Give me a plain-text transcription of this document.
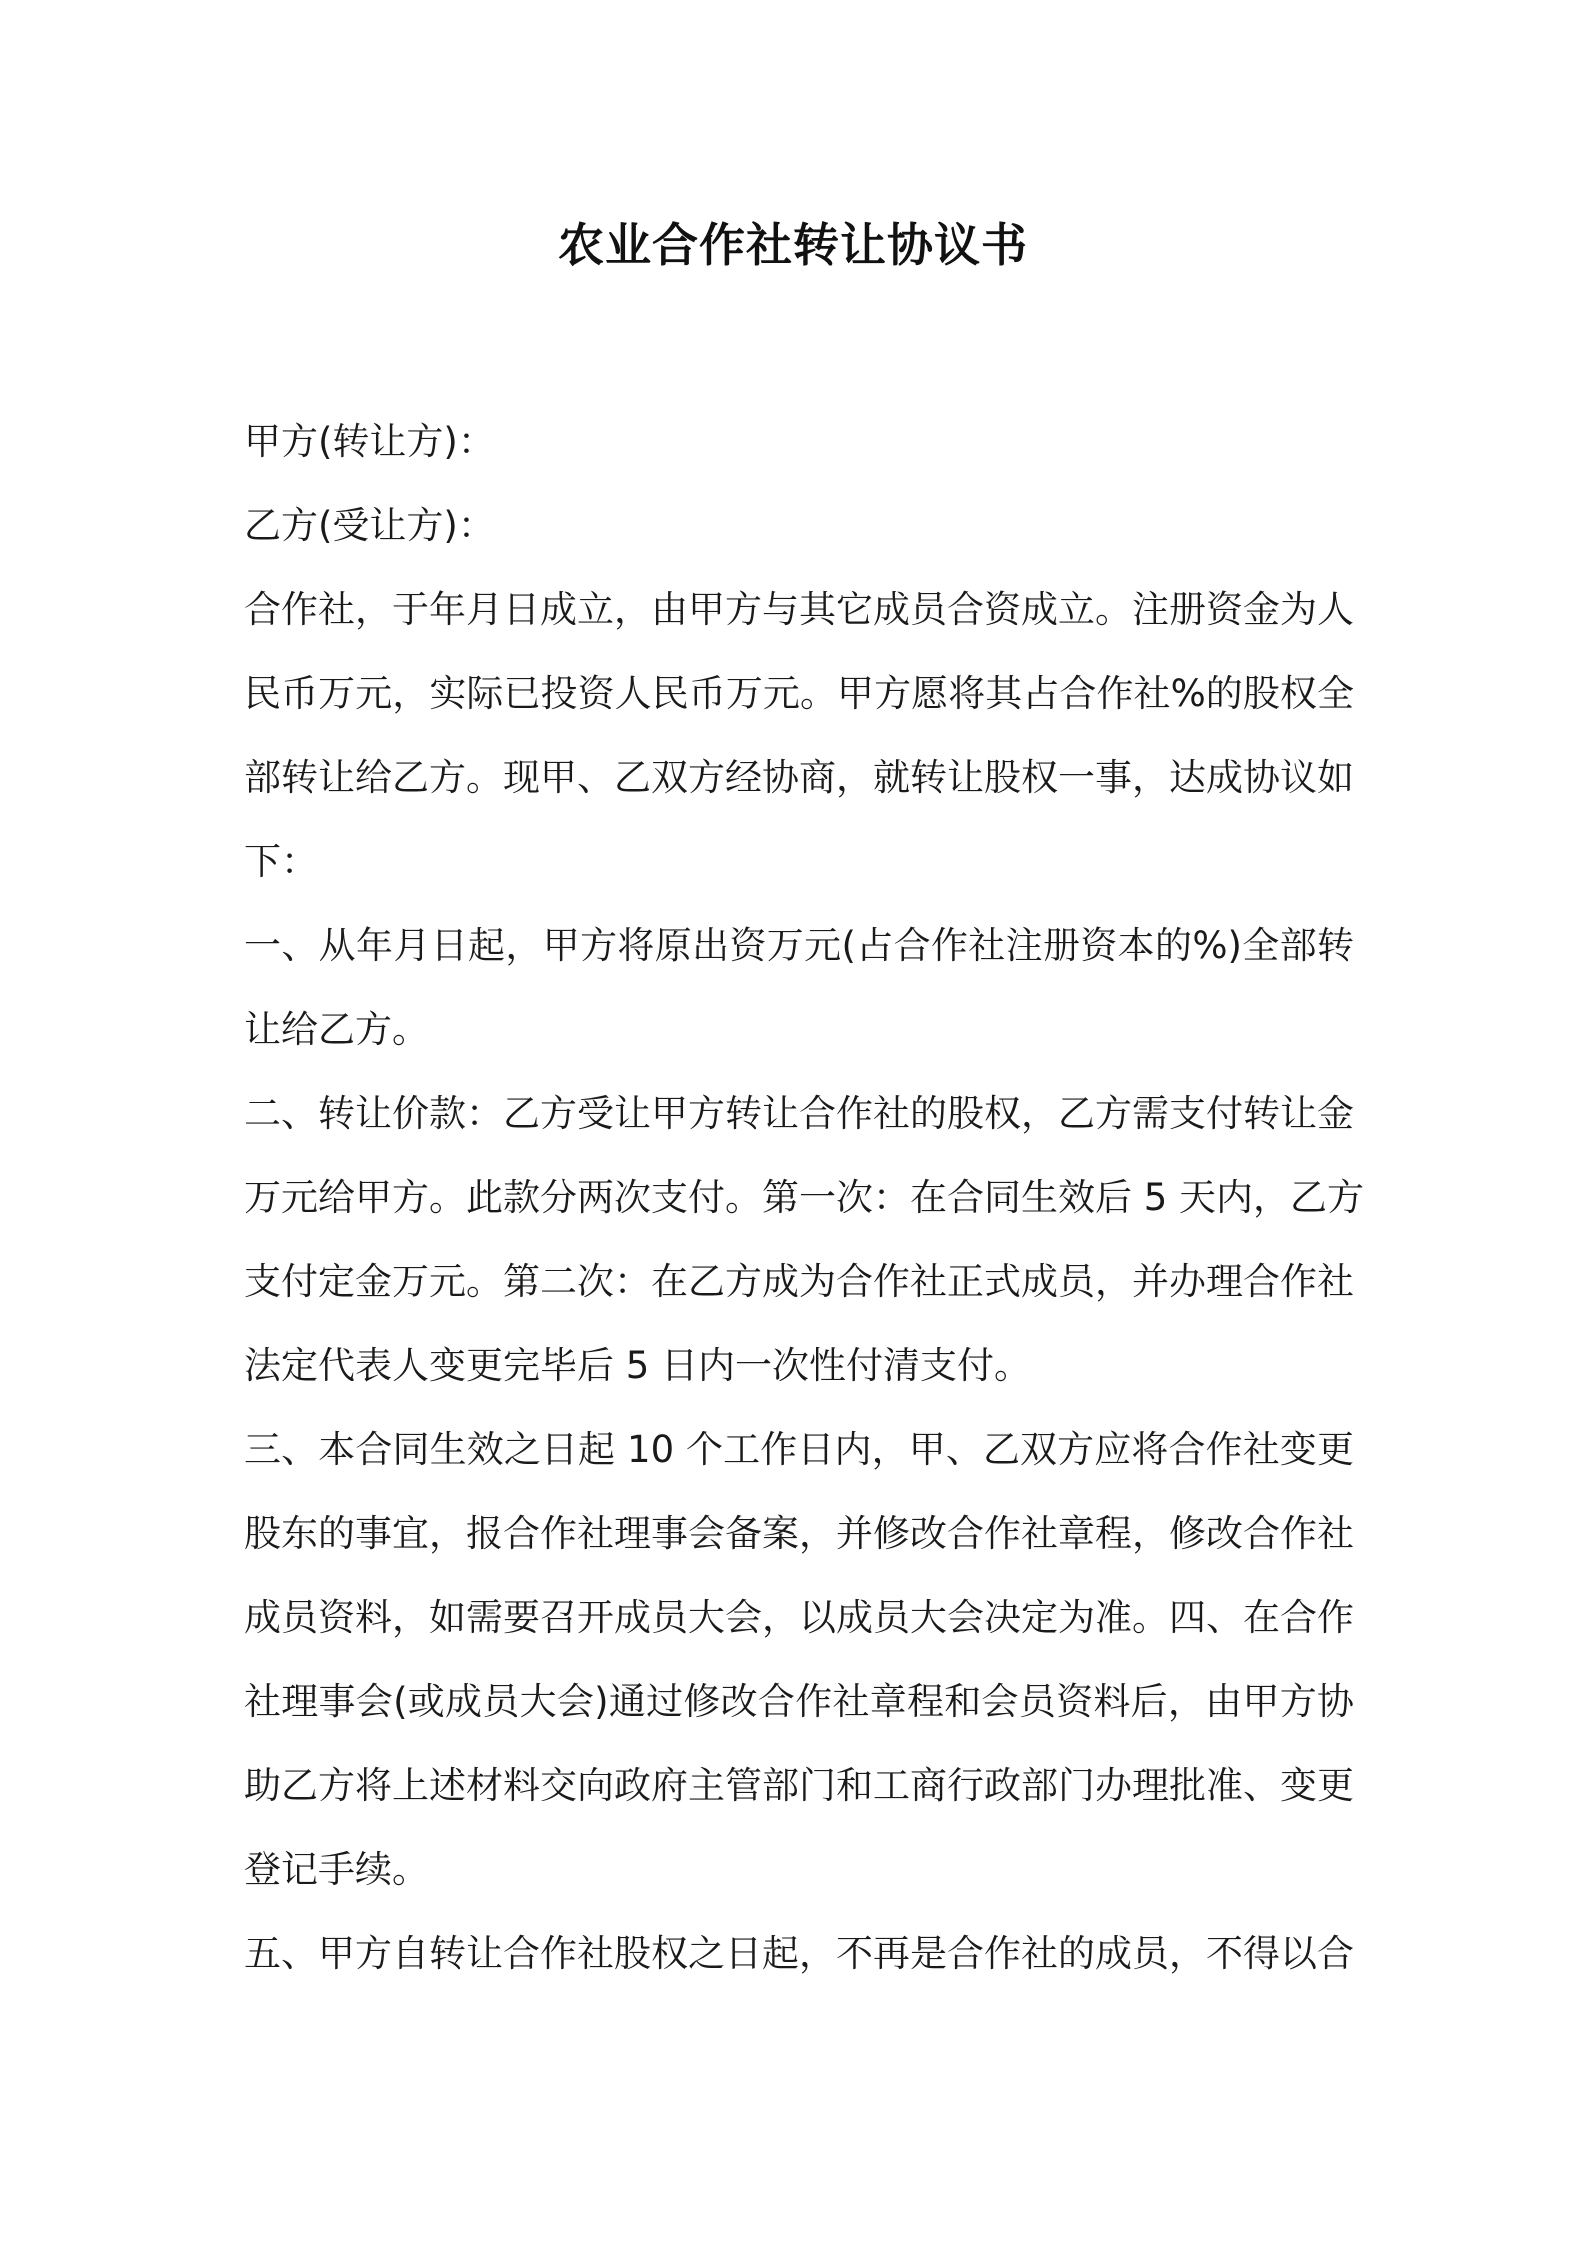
农业合作社转让协议书
甲方(转让方)：
乙方(受让方)：
合作社，于年月日成立，由甲方与其它成员合资成立。注册资金为人
民币万元，实际已投资人民币万元。甲方愿将其占合作社%的股权全
部转让给乙方。现甲、乙双方经协商，就转让股权一事，达成协议如
下：
一、从年月日起，甲方将原出资万元(占合作社注册资本的%)全部转
让给乙方。
二、转让价款：乙方受让甲方转让合作社的股权，乙方需支付转让金
万元给甲方。此款分两次支付。第一次：在合同生效后 5 天内，乙方
支付定金万元。第二次：在乙方成为合作社正式成员，并办理合作社
法定代表人变更完毕后 5 日内一次性付清支付。
三、本合同生效之日起 10 个工作日内，甲、乙双方应将合作社变更
股东的事宜，报合作社理事会备案，并修改合作社章程，修改合作社
成员资料，如需要召开成员大会，以成员大会决定为准。四、在合作
社理事会(或成员大会)通过修改合作社章程和会员资料后，由甲方协
助乙方将上述材料交向政府主管部门和工商行政部门办理批准、变更
登记手续。
五、甲方自转让合作社股权之日起，不再是合作社的成员，不得以合
